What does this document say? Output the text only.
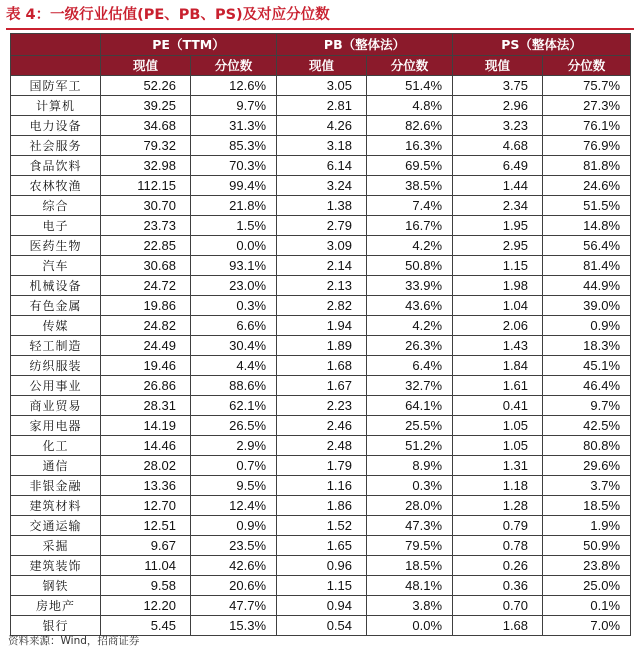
表 4：一级行业估值(PE、PB、PS)及对应分位数
	PE（TTM）		PB（整体法）		PS（整体法）	
	现值	分位数	现值	分位数	现值	分位数
国防军工	52.26	12.6%	3.05	51.4%	3.75	75.7%
计算机	39.25	9.7%	2.81	4.8%	2.96	27.3%
电力设备	34.68	31.3%	4.26	82.6%	3.23	76.1%
社会服务	79.32	85.3%	3.18	16.3%	4.68	76.9%
食品饮料	32.98	70.3%	6.14	69.5%	6.49	81.8%
农林牧渔	112.15	99.4%	3.24	38.5%	1.44	24.6%
综合	30.70	21.8%	1.38	7.4%	2.34	51.5%
电子	23.73	1.5%	2.79	16.7%	1.95	14.8%
医药生物	22.85	0.0%	3.09	4.2%	2.95	56.4%
汽车	30.68	93.1%	2.14	50.8%	1.15	81.4%
机械设备	24.72	23.0%	2.13	33.9%	1.98	44.9%
有色金属	19.86	0.3%	2.82	43.6%	1.04	39.0%
传媒	24.82	6.6%	1.94	4.2%	2.06	0.9%
轻工制造	24.49	30.4%	1.89	26.3%	1.43	18.3%
纺织服装	19.46	4.4%	1.68	6.4%	1.84	45.1%
公用事业	26.86	88.6%	1.67	32.7%	1.61	46.4%
商业贸易	28.31	62.1%	2.23	64.1%	0.41	9.7%
家用电器	14.19	26.5%	2.46	25.5%	1.05	42.5%
化工	14.46	2.9%	2.48	51.2%	1.05	80.8%
通信	28.02	0.7%	1.79	8.9%	1.31	29.6%
非银金融	13.36	9.5%	1.16	0.3%	1.18	3.7%
建筑材料	12.70	12.4%	1.86	28.0%	1.28	18.5%
交通运输	12.51	0.9%	1.52	47.3%	0.79	1.9%
采掘	9.67	23.5%	1.65	79.5%	0.78	50.9%
建筑装饰	11.04	42.6%	0.96	18.5%	0.26	23.8%
钢铁	9.58	20.6%	1.15	48.1%	0.36	25.0%
房地产	12.20	47.7%	0.94	3.8%	0.70	0.1%
银行	5.45	15.3%	0.54	0.0%	1.68	7.0%
资料来源：Wind，招商证券
